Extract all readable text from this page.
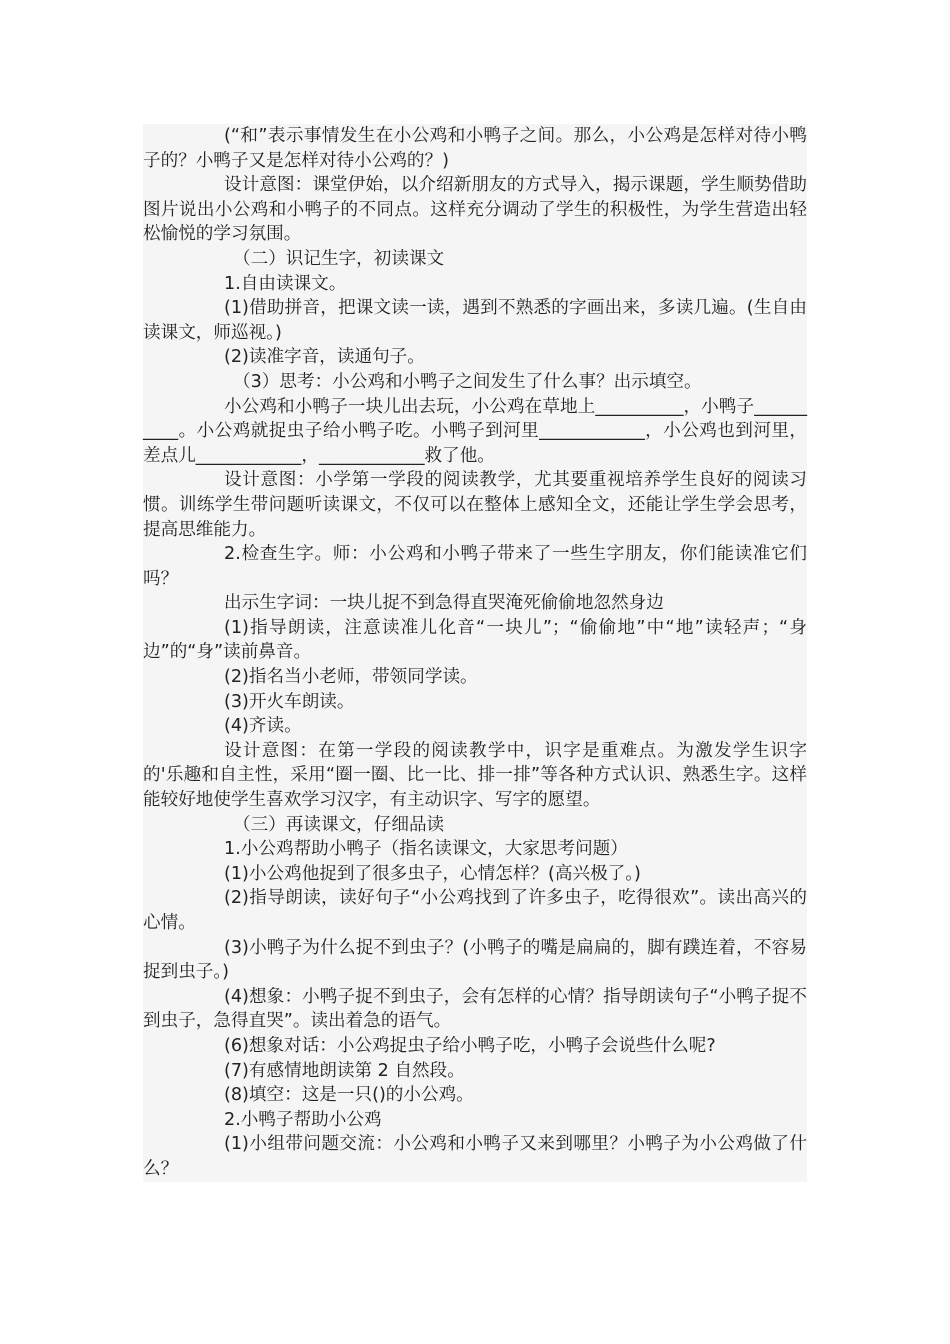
(“和”表示事情发生在小公鸡和小鸭子之间。那么，小公鸡是怎样对待小鸭子的？小鸭子又是怎样对待小公鸡的？)

设计意图：课堂伊始，以介绍新朋友的方式导入，揭示课题，学生顺势借助图片说出小公鸡和小鸭子的不同点。这样充分调动了学生的积极性，为学生营造出轻松愉悦的学习氛围。

（二）识记生字，初读课文

1.自由读课文。

(1)借助拼音，把课文读一读，遇到不熟悉的字画出来，多读几遍。(生自由读课文，师巡视。)

(2)读准字音，读通句子。

（3）思考：小公鸡和小鸭子之间发生了什么事？出示填空。

小公鸡和小鸭子一块儿出去玩，小公鸡在草地上__________，小鸭子__________。小公鸡就捉虫子给小鸭子吃。小鸭子到河里____________，小公鸡也到河里，差点儿____________，____________救了他。

设计意图：小学第一学段的阅读教学，尤其要重视培养学生良好的阅读习惯。训练学生带问题听读课文，不仅可以在整体上感知全文，还能让学生学会思考，提高思维能力。

2.检查生字。师：小公鸡和小鸭子带来了一些生字朋友，你们能读准它们吗？

出示生字词：一块儿捉不到急得直哭淹死偷偷地忽然身边

(1)指导朗读，注意读准儿化音“一块儿”；“偷偷地”中“地”读轻声；“身边”的“身”读前鼻音。

(2)指名当小老师，带领同学读。

(3)开火车朗读。

(4)齐读。

设计意图：在第一学段的阅读教学中，识字是重难点。为激发学生识字的'乐趣和自主性，采用“圈一圈、比一比、排一排”等各种方式认识、熟悉生字。这样能较好地使学生喜欢学习汉字，有主动识字、写字的愿望。

（三）再读课文，仔细品读

1.小公鸡帮助小鸭子（指名读课文，大家思考问题）

(1)小公鸡他捉到了很多虫子，心情怎样？(高兴极了。)

(2)指导朗读，读好句子“小公鸡找到了许多虫子，吃得很欢”。读出高兴的心情。

(3)小鸭子为什么捉不到虫子？(小鸭子的嘴是扁扁的，脚有蹼连着，不容易捉到虫子。)

(4)想象：小鸭子捉不到虫子，会有怎样的心情？指导朗读句子“小鸭子捉不到虫子，急得直哭”。读出着急的语气。

(6)想象对话：小公鸡捉虫子给小鸭子吃，小鸭子会说些什么呢?

(7)有感情地朗读第 2 自然段。

(8)填空：这是一只()的小公鸡。

2.小鸭子帮助小公鸡

(1)小组带问题交流：小公鸡和小鸭子又来到哪里？小鸭子为小公鸡做了什么？
